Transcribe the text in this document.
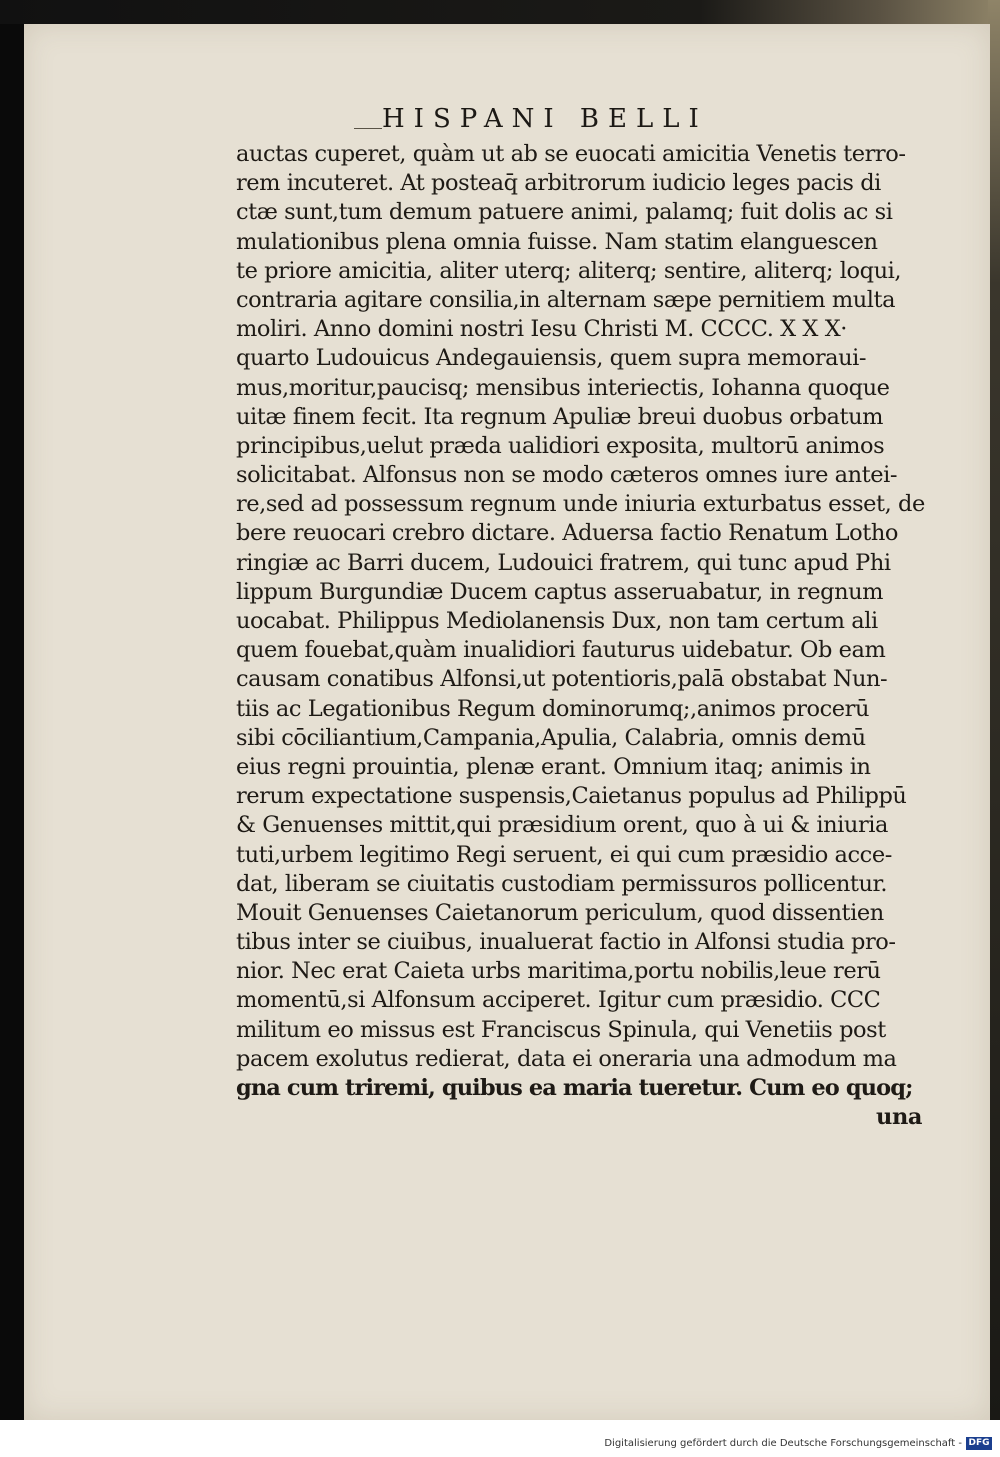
HISPANI BELLI
auctas cuperet, quàm ut ab se euocati amicitia Venetis terro-
rem incuteret. At posteaq̄ arbitrorum iudicio leges pacis di
ctæ sunt,tum demum patuere animi, palamq; fuit dolis ac si
mulationibus plena omnia fuisse. Nam statim elanguescen
te priore amicitia, aliter uterq; aliterq; sentire, aliterq; loqui,
contraria agitare consilia,in alternam sæpe pernitiem multa
moliri. Anno domini nostri Iesu Christi M. CCCC. X X X·
quarto Ludouicus Andegauiensis, quem supra memoraui-
mus,moritur,paucisq; mensibus interiectis, Iohanna quoque
uitæ finem fecit. Ita regnum Apuliæ breui duobus orbatum
principibus,uelut præda ualidiori exposita, multorū animos
solicitabat. Alfonsus non se modo cæteros omnes iure antei-
re,sed ad possessum regnum unde iniuria exturbatus esset, de
bere reuocari crebro dictare. Aduersa factio Renatum Lotho
ringiæ ac Barri ducem, Ludouici fratrem, qui tunc apud Phi
lippum Burgundiæ Ducem captus asseruabatur, in regnum
uocabat. Philippus Mediolanensis Dux, non tam certum ali
quem fouebat,quàm inualidiori fauturus uidebatur. Ob eam
causam conatibus Alfonsi,ut potentioris,palā obstabat Nun-
tiis ac Legationibus Regum dominorumq;,animos procerū
sibi cōciliantium,Campania,Apulia, Calabria, omnis demū
eius regni prouintia, plenæ erant. Omnium itaq; animis in
rerum expectatione suspensis,Caietanus populus ad Philippū
& Genuenses mittit,qui præsidium orent, quo à ui & iniuria
tuti,urbem legitimo Regi seruent, ei qui cum præsidio acce-
dat, liberam se ciuitatis custodiam permissuros pollicentur.
Mouit Genuenses Caietanorum periculum, quod dissentien
tibus inter se ciuibus, inualuerat factio in Alfonsi studia pro-
nior. Nec erat Caieta urbs maritima,portu nobilis,leue rerū
momentū,si Alfonsum acciperet. Igitur cum præsidio. CCC
militum eo missus est Franciscus Spinula, qui Venetiis post
pacem exolutus redierat, data ei oneraria una admodum ma
gna cum triremi, quibus ea maria tueretur. Cum eo quoq;
una
Digitalisierung gefördert durch die Deutsche Forschungsgemeinschaft - DFG
